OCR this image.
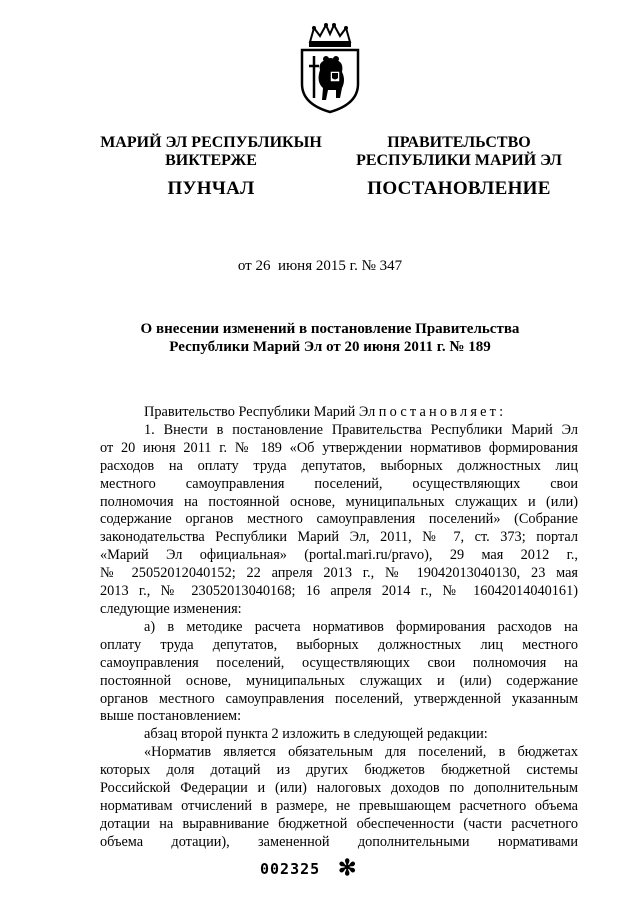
МАРИЙ ЭЛ РЕСПУБЛИКЫН
ВИКТЕРЖЕ
ПУНЧАЛ
ПРАВИТЕЛЬСТВО
РЕСПУБЛИКИ МАРИЙ ЭЛ
ПОСТАНОВЛЕНИЕ
от 26  июня 2015 г. № 347
О внесении изменений в постановление Правительства
Республики Марий Эл от 20 июня 2011 г. № 189
Правительство Республики Марий Эл постановляет:
1. Внести в постановление Правительства Республики Марий Эл
от 20 июня 2011 г. № 189 «Об утверждении нормативов формирования
расходов на оплату труда депутатов, выборных должностных лиц
местного самоуправления поселений, осуществляющих свои
полномочия на постоянной основе, муниципальных служащих и (или)
содержание органов местного самоуправления поселений» (Собрание
законодательства Республики Марий Эл, 2011, № 7, ст. 373; портал
«Марий Эл официальная» (portal.mari.ru/pravo), 29 мая 2012 г.,
№ 25052012040152; 22 апреля 2013 г., № 19042013040130, 23 мая
2013 г., № 23052013040168; 16 апреля 2014 г., № 16042014040161)
следующие изменения:
а) в методике расчета нормативов формирования расходов на
оплату труда депутатов, выборных должностных лиц местного
самоуправления поселений, осуществляющих свои полномочия на
постоянной основе, муниципальных служащих и (или) содержание
органов местного самоуправления поселений, утвержденной указанным
выше постановлением:
абзац второй пункта 2 изложить в следующей редакции:
«Норматив является обязательным для поселений, в бюджетах
которых доля дотаций из других бюджетов бюджетной системы
Российской Федерации и (или) налоговых доходов по дополнительным
нормативам отчислений в размере, не превышающем расчетного объема
дотации на выравнивание бюджетной обеспеченности (части расчетного
объема дотации), замененной дополнительными нормативами
002325 ✻
